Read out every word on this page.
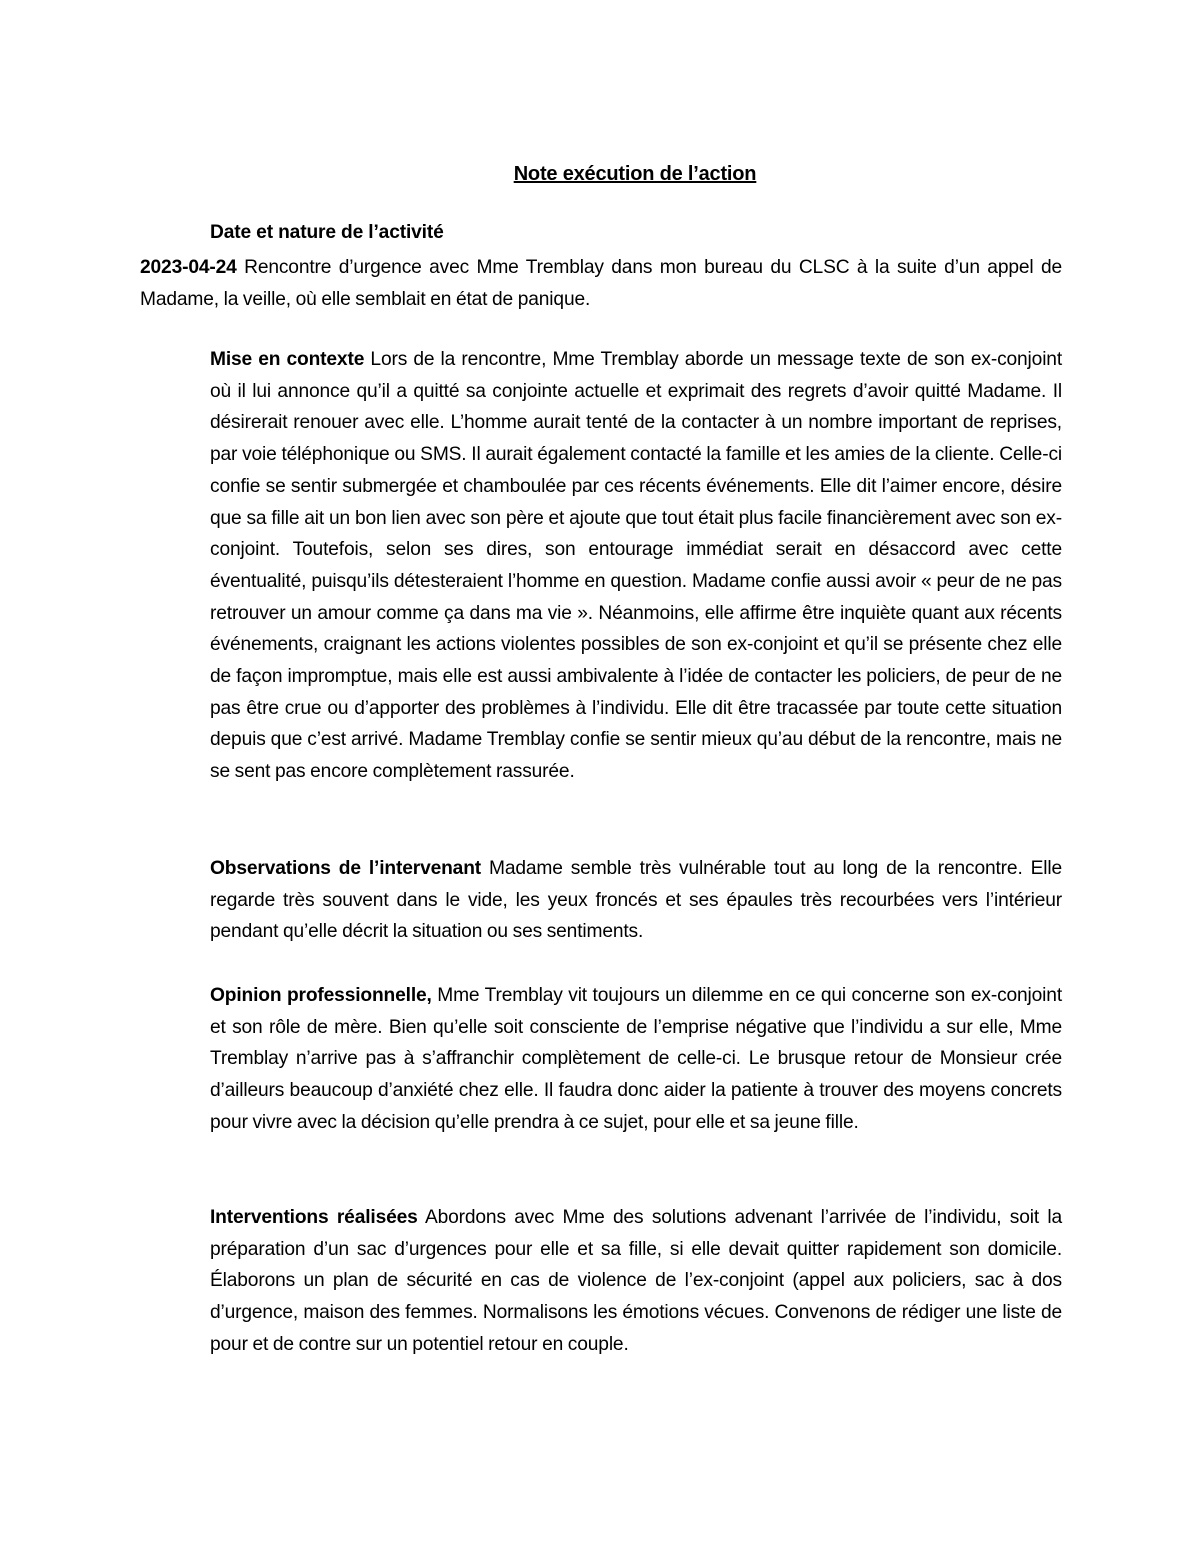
Note exécution de l’action
Date et nature de l’activité
2023-04-24 Rencontre d’urgence avec Mme Tremblay dans mon bureau du CLSC à la suite d’un appel de Madame, la veille, où elle semblait en état de panique.
Mise en contexte Lors de la rencontre, Mme Tremblay aborde un message texte de son ex-conjoint où il lui annonce qu’il a quitté sa conjointe actuelle et exprimait des regrets d’avoir quitté Madame. Il désirerait renouer avec elle. L’homme aurait tenté de la contacter à un nombre important de reprises, par voie téléphonique ou SMS. Il aurait également contacté la famille et les amies de la cliente. Celle-ci confie se sentir submergée et chamboulée par ces récents événements. Elle dit l’aimer encore, désire que sa fille ait un bon lien avec son père et ajoute que tout était plus facile financièrement avec son ex-conjoint. Toutefois, selon ses dires, son entourage immédiat serait en désaccord avec cette éventualité, puisqu’ils détesteraient l’homme en question. Madame confie aussi avoir « peur de ne pas retrouver un amour comme ça dans ma vie ». Néanmoins, elle affirme être inquiète quant aux récents événements, craignant les actions violentes possibles de son ex-conjoint et qu’il se présente chez elle de façon impromptue, mais elle est aussi ambivalente à l’idée de contacter les policiers, de peur de ne pas être crue ou d’apporter des problèmes à l’individu. Elle dit être tracassée par toute cette situation depuis que c’est arrivé. Madame Tremblay confie se sentir mieux qu’au début de la rencontre, mais ne se sent pas encore complètement rassurée.
Observations de l’intervenant Madame semble très vulnérable tout au long de la rencontre. Elle regarde très souvent dans le vide, les yeux froncés et ses épaules très recourbées vers l’intérieur pendant qu’elle décrit la situation ou ses sentiments.
Opinion professionnelle, Mme Tremblay vit toujours un dilemme en ce qui concerne son ex-conjoint et son rôle de mère. Bien qu’elle soit consciente de l’emprise négative que l’individu a sur elle, Mme Tremblay n’arrive pas à s’affranchir complètement de celle-ci. Le brusque retour de Monsieur crée d’ailleurs beaucoup d’anxiété chez elle. Il faudra donc aider la patiente à trouver des moyens concrets pour vivre avec la décision qu’elle prendra à ce sujet, pour elle et sa jeune fille.
Interventions réalisées Abordons avec Mme des solutions advenant l’arrivée de l’individu, soit la préparation d’un sac d’urgences pour elle et sa fille, si elle devait quitter rapidement son domicile. Élaborons un plan de sécurité en cas de violence de l’ex-conjoint (appel aux policiers, sac à dos d’urgence, maison des femmes. Normalisons les émotions vécues. Convenons de rédiger une liste de pour et de contre sur un potentiel retour en couple.
